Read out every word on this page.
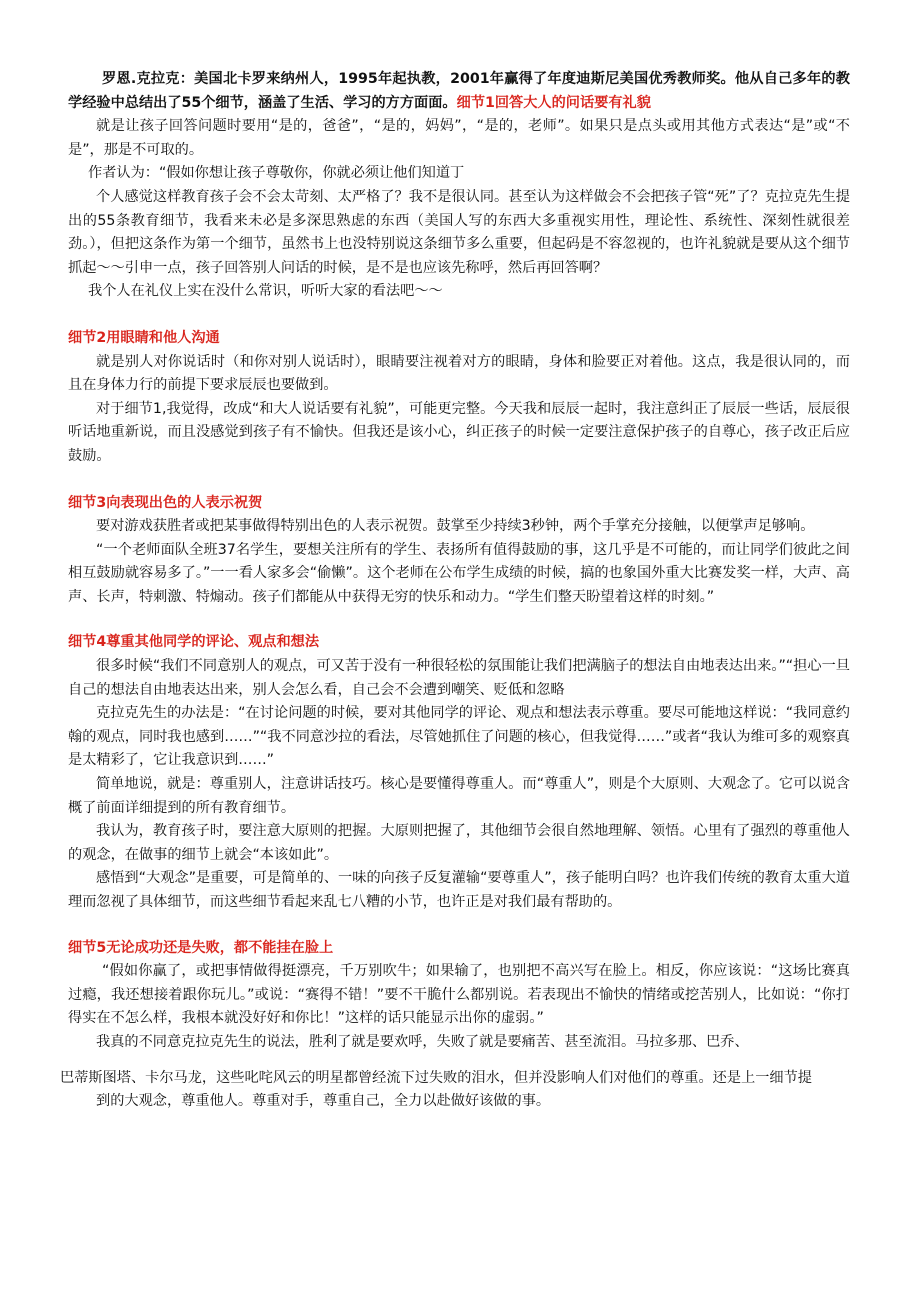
罗恩.克拉克：美国北卡罗来纳州人，1995年起执教，2001年赢得了年度迪斯尼美国优秀教师奖。他从自己多年的教学经验中总结出了55个细节，涵盖了生活、学习的方方面面。细节1回答大人的问话要有礼貌

就是让孩子回答问题时要用“是的，爸爸”，“是的，妈妈”，“是的，老师”。如果只是点头或用其他方式表达“是”或“不是”，那是不可取的。

作者认为：“假如你想让孩子尊敬你，你就必须让他们知道丁

个人感觉这样教育孩子会不会太苛刻、太严格了？我不是很认同。甚至认为这样做会不会把孩子管“死”了？克拉克先生提出的55条教育细节，我看来未必是多深思熟虑的东西（美国人写的东西大多重视实用性，理论性、系统性、深刻性就很差劲。），但把这条作为第一个细节，虽然书上也没特别说这条细节多么重要，但起码是不容忽视的，也许礼貌就是要从这个细节抓起～～引申一点，孩子回答别人问话的时候，是不是也应该先称呼，然后再回答啊？

我个人在礼仪上实在没什么常识，听听大家的看法吧～～

细节2用眼睛和他人沟通

就是别人对你说话时（和你对别人说话时），眼睛要注视着对方的眼睛，身体和脸要正对着他。这点，我是很认同的，而且在身体力行的前提下要求辰辰也要做到。

对于细节1,我觉得，改成“和大人说话要有礼貌”，可能更完整。今天我和辰辰一起时，我注意纠正了辰辰一些话，辰辰很听话地重新说，而且没感觉到孩子有不愉快。但我还是该小心，纠正孩子的时候一定要注意保护孩子的自尊心，孩子改正后应鼓励。

细节3向表现出色的人表示祝贺

要对游戏获胜者或把某事做得特别出色的人表示祝贺。鼓掌至少持续3秒钟，两个手掌充分接触，以便掌声足够响。

“一个老师面队全班37名学生，要想关注所有的学生、表扬所有值得鼓励的事，这几乎是不可能的，而让同学们彼此之间相互鼓励就容易多了。”一一看人家多会“偷懒”。这个老师在公布学生成绩的时候，搞的也象国外重大比赛发奖一样，大声、高声、长声，特刺激、特煽动。孩子们都能从中获得无穷的快乐和动力。“学生们整天盼望着这样的时刻。”

细节4尊重其他同学的评论、观点和想法

很多时候“我们不同意别人的观点，可又苦于没有一种很轻松的氛围能让我们把满脑子的想法自由地表达出来。”“担心一旦自己的想法自由地表达出来，别人会怎么看，自己会不会遭到嘲笑、贬低和忽略

克拉克先生的办法是：“在讨论问题的时候，要对其他同学的评论、观点和想法表示尊重。要尽可能地这样说：“我同意约翰的观点，同时我也感到……”“我不同意沙拉的看法，尽管她抓住了问题的核心，但我觉得……”或者“我认为维可多的观察真是太精彩了，它让我意识到……”

简单地说，就是：尊重别人，注意讲话技巧。核心是要懂得尊重人。而“尊重人”，则是个大原则、大观念了。它可以说含概了前面详细提到的所有教育细节。

我认为，教育孩子时，要注意大原则的把握。大原则把握了，其他细节会很自然地理解、领悟。心里有了强烈的尊重他人的观念，在做事的细节上就会“本该如此”。

感悟到“大观念”是重要，可是简单的、一味的向孩子反复灌输“要尊重人”，孩子能明白吗？也许我们传统的教育太重大道理而忽视了具体细节，而这些细节看起来乱七八糟的小节，也许正是对我们最有帮助的。

细节5无论成功还是失败，都不能挂在脸上

“假如你赢了，或把事情做得挺漂亮，千万别吹牛；如果输了，也别把不高兴写在脸上。相反，你应该说：“这场比赛真过瘾，我还想接着跟你玩儿。”或说：“赛得不错！”要不干脆什么都别说。若表现出不愉快的情绪或挖苦别人，比如说：“你打得实在不怎么样，我根本就没好好和你比！”这样的话只能显示出你的虚弱。”

我真的不同意克拉克先生的说法，胜利了就是要欢呼，失败了就是要痛苦、甚至流泪。马拉多那、巴乔、

巴蒂斯图塔、卡尔马龙，这些叱咤风云的明星都曾经流下过失败的泪水，但并没影响人们对他们的尊重。还是上一细节提

到的大观念，尊重他人。尊重对手，尊重自己，全力以赴做好该做的事。
